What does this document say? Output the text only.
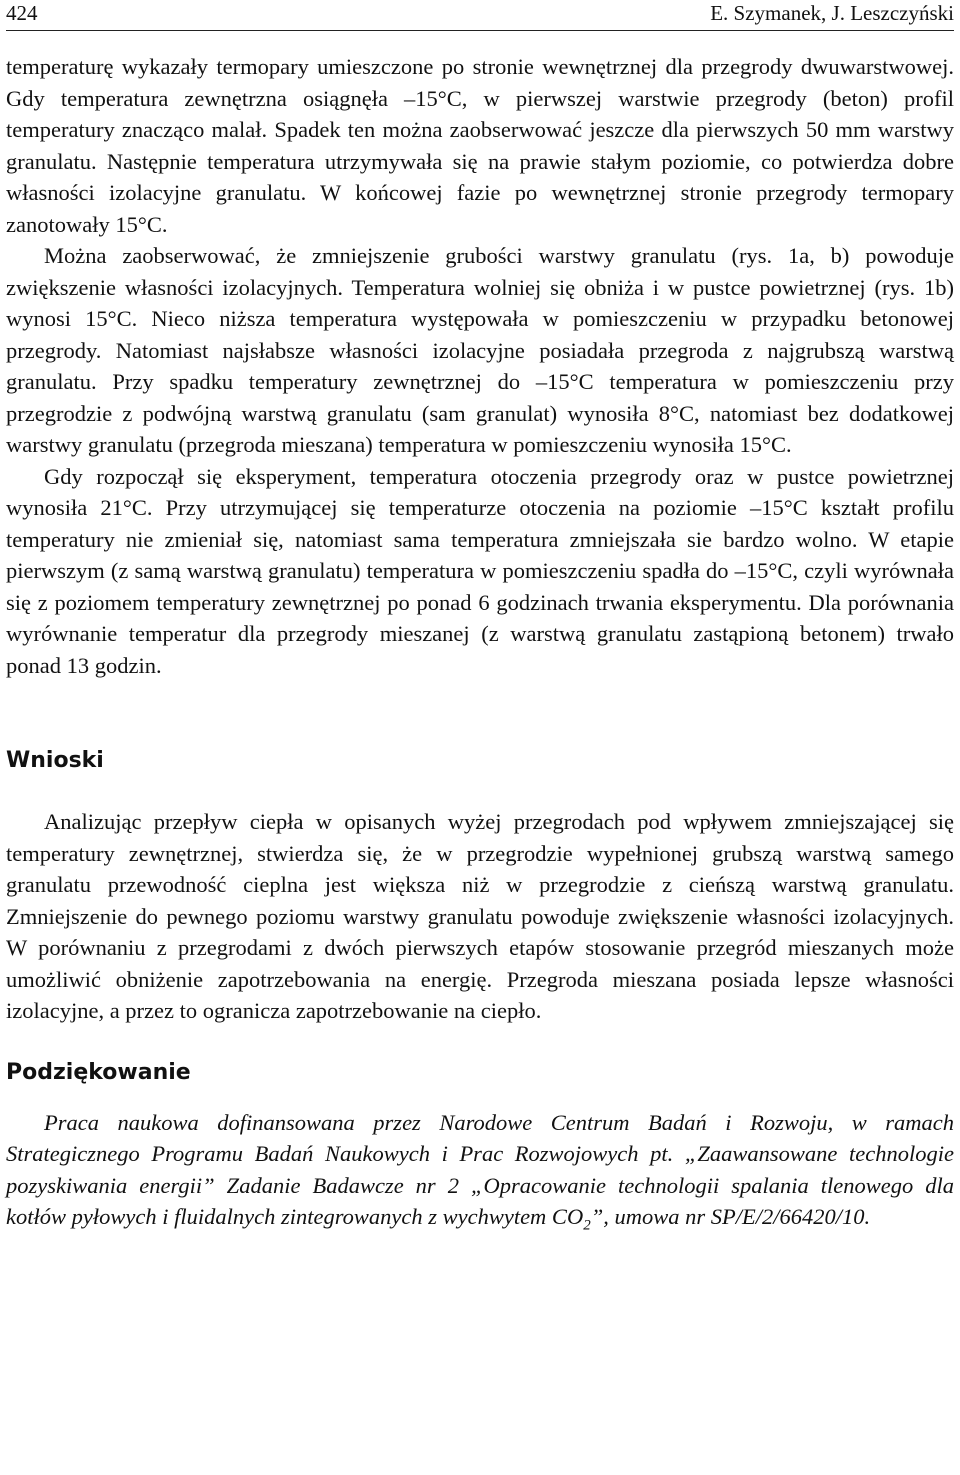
424	E. Szymanek, J. Leszczyński

temperaturę wykazały termopary umieszczone po stronie wewnętrznej dla przegrody dwuwarstwowej. Gdy temperatura zewnętrzna osiągnęła –15°C, w pierwszej warstwie przegrody (beton) profil temperatury znacząco malał. Spadek ten można zaobserwować jeszcze dla pierwszych 50 mm warstwy granulatu. Następnie temperatura utrzymywała się na prawie stałym poziomie, co potwierdza dobre własności izolacyjne granulatu. W końcowej fazie po wewnętrznej stronie przegrody termopary zanotowały 15°C.

Można zaobserwować, że zmniejszenie grubości warstwy granulatu (rys. 1a, b) powoduje zwiększenie własności izolacyjnych. Temperatura wolniej się obniża i w pustce powietrznej (rys. 1b) wynosi 15°C. Nieco niższa temperatura występowała w pomieszczeniu w przypadku betonowej przegrody. Natomiast najsłabsze własności izolacyjne posiadała przegroda z najgrubszą warstwą granulatu. Przy spadku temperatury zewnętrznej do –15°C temperatura w pomieszczeniu przy przegrodzie z podwójną warstwą granulatu (sam granulat) wynosiła 8°C, natomiast bez dodatkowej warstwy granulatu (przegroda mieszana) temperatura w pomieszczeniu wynosiła 15°C.

Gdy rozpoczął się eksperyment, temperatura otoczenia przegrody oraz w pustce powietrznej wynosiła 21°C. Przy utrzymującej się temperaturze otoczenia na poziomie –15°C kształt profilu temperatury nie zmieniał się, natomiast sama temperatura zmniejszała sie bardzo wolno. W etapie pierwszym (z samą warstwą granulatu) temperatura w pomieszczeniu spadła do –15°C, czyli wyrównała się z poziomem temperatury zewnętrznej po ponad 6 godzinach trwania eksperymentu. Dla porównania wyrównanie temperatur dla przegrody mieszanej (z warstwą granulatu zastąpioną betonem) trwało ponad 13 godzin.

Wnioski

Analizując przepływ ciepła w opisanych wyżej przegrodach pod wpływem zmniejszającej się temperatury zewnętrznej, stwierdza się, że w przegrodzie wypełnionej grubszą warstwą samego granulatu przewodność cieplna jest większa niż w przegrodzie z cieńszą warstwą granulatu. Zmniejszenie do pewnego poziomu warstwy granulatu powoduje zwiększenie własności izolacyjnych. W porównaniu z przegrodami z dwóch pierwszych etapów stosowanie przegród mieszanych może umożliwić obniżenie zapotrzebowania na energię. Przegroda mieszana posiada lepsze własności izolacyjne, a przez to ogranicza zapotrzebowanie na ciepło.

Podziękowanie

Praca naukowa dofinansowana przez Narodowe Centrum Badań i Rozwoju, w ramach Strategicznego Programu Badań Naukowych i Prac Rozwojowych pt. „Zaawansowane technologie pozyskiwania energii” Zadanie Badawcze nr 2 „Opracowanie technologii spalania tlenowego dla kotłów pyłowych i fluidalnych zintegrowanych z wychwytem $CO_2$”, umowa nr SP/E/2/66420/10.
